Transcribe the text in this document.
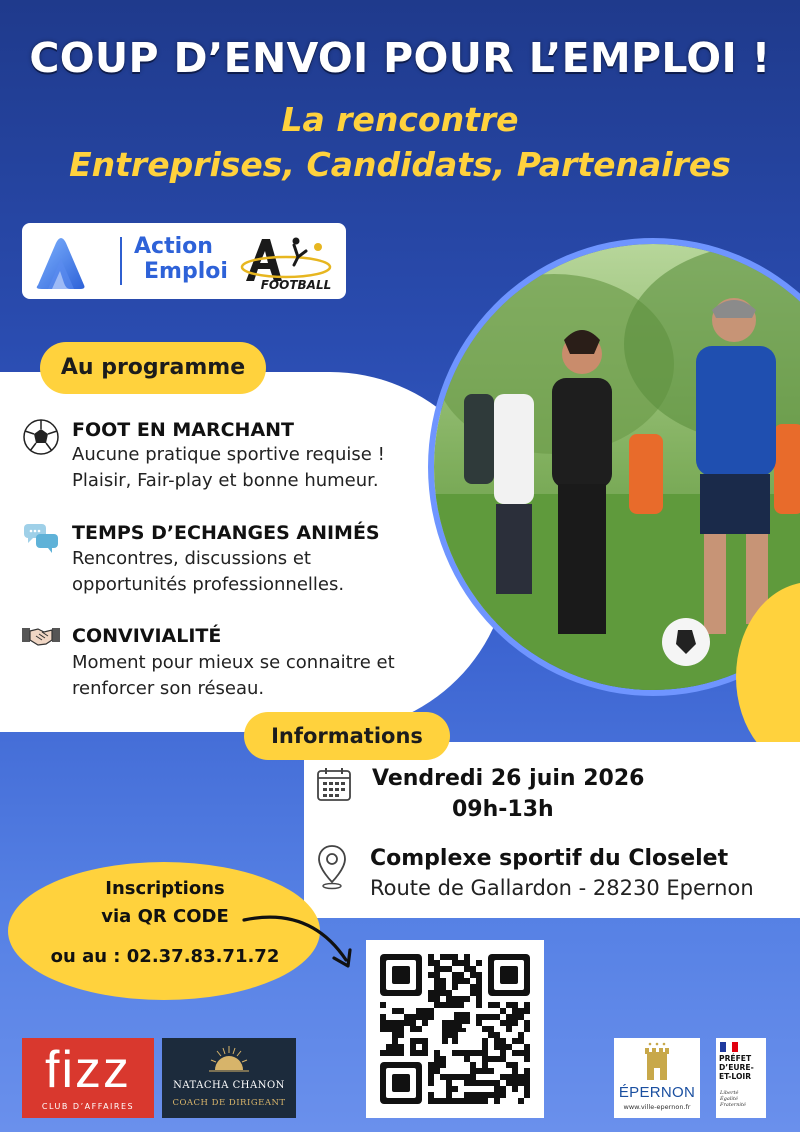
COUP D’ENVOI POUR L’EMPLOI !
La rencontre
Entreprises, Candidats, Partenaires
Action
Emploi
FOOTBALL
Au programme
FOOT EN MARCHANT
Aucune pratique sportive requise !
Plaisir, Fair-play et bonne humeur.
TEMPS D’ECHANGES ANIMÉS
Rencontres, discussions et
opportunités professionnelles.
CONVIVIALITÉ
Moment pour mieux se connaitre et
renforcer son réseau.
Informations
Vendredi 26 juin 2026
09h-13h
Complexe sportif du Closelet
Route de Gallardon - 28230 Epernon
Inscriptions
via QR CODE
ou au : 02.37.83.71.72
fizz
CLUB D’AFFAIRES
NATACHA CHANON
COACH DE DIRIGEANT
ÉPERNON
www.ville-epernon.fr
PRÉFET
D’EURE-
ET-LOIR
Liberté
Égalité
Fraternité
